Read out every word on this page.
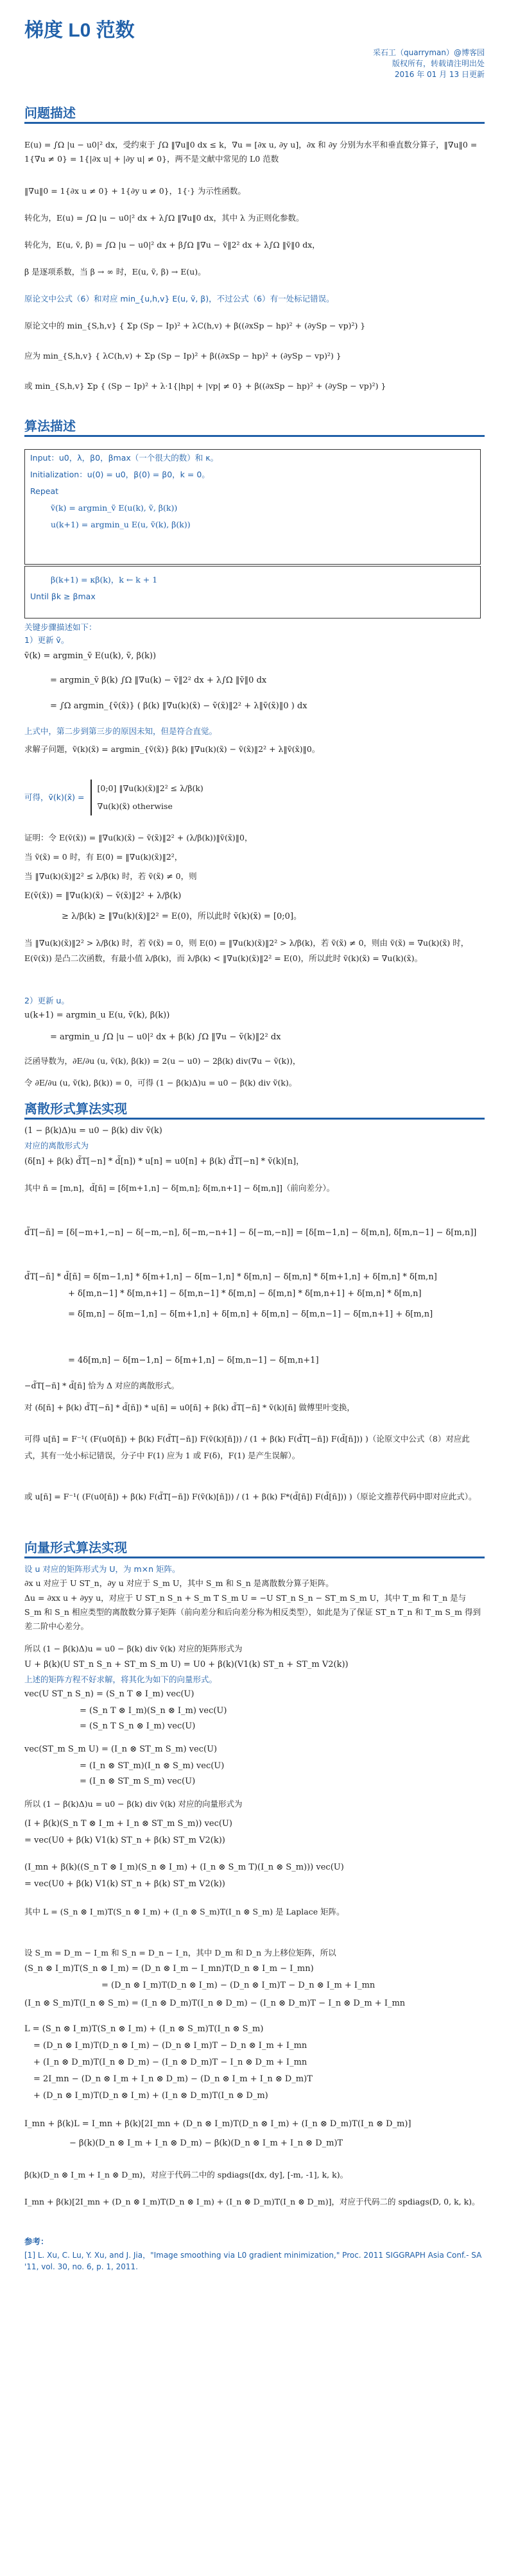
梯度 L0 范数
采石工（quarryman）@博客园
版权所有，转载请注明出处
2016 年 01 月 13 日更新
问题描述
E(u) = ∫Ω |u − u0|² dx，受约束于 ∫Ω ‖∇u‖0 dx ≤ k，∇u = [∂x u, ∂y u]，∂x 和 ∂y 分别为水平和垂直数分算子，‖∇u‖0 = 1{∇u ≠ 0} = 1{|∂x u| + |∂y u| ≠ 0}，两不是文献中常见的 L0 范数
‖∇u‖0 = 1{∂x u ≠ 0} + 1{∂y u ≠ 0}，1{·} 为示性函数。
转化为，E(u) = ∫Ω |u − u0|² dx + λ∫Ω ‖∇u‖0 dx，其中 λ 为正则化参数。
转化为，E(u, ṽ, β) = ∫Ω |u − u0|² dx + β∫Ω ‖∇u − ṽ‖2² dx + λ∫Ω ‖ṽ‖0 dx，
β 是逐项系数，当 β → ∞ 时，E(u, ṽ, β) → E(u)。
原论文中公式（6）和对应 min_{u,h,v} E(u, ṽ, β)，不过公式（6）有一处标记错误。
原论文中的 min_{S,h,v} { Σp (Sp − Ip)² + λC(h,v) + β((∂xSp − hp)² + (∂ySp − vp)²) }
应为 min_{S,h,v} { λC(h,v) + Σp (Sp − Ip)² + β((∂xSp − hp)² + (∂ySp − vp)²) }
或 min_{S,h,v} Σp { (Sp − Ip)² + λ·1{|hp| + |vp| ≠ 0} + β((∂xSp − hp)² + (∂ySp − vp)²) }
算法描述
Input：u0，λ，β0，βmax（一个很大的数）和 κ。
Initialization：u(0) = u0，β(0) = β0，k = 0。
Repeat
ṽ(k) = argmin_ṽ E(u(k), ṽ, β(k))
u(k+1) = argmin_u E(u, ṽ(k), β(k))
β(k+1) = κβ(k)，k ← k + 1
Until βk ≥ βmax
关键步骤描述如下：
1）更新 ṽ。
ṽ(k) = argmin_ṽ E(u(k), ṽ, β(k))
= argmin_ṽ β(k) ∫Ω ‖∇u(k) − ṽ‖2² dx + λ∫Ω ‖ṽ‖0 dx
= ∫Ω argmin_{ṽ(x̃)} ( β(k) ‖∇u(k)(x̃) − ṽ(x̃)‖2² + λ‖ṽ(x̃)‖0 ) dx
上式中，第二步到第三步的原因未知，但是符合直觉。
求解子问题，ṽ(k)(x̃) = argmin_{ṽ(x̃)} β(k) ‖∇u(k)(x̃) − ṽ(x̃)‖2² + λ‖ṽ(x̃)‖0。
可得，ṽ(k)(x̃) =
[0;0] ‖∇u(k)(x̃)‖2² ≤ λ/β(k)
∇u(k)(x̃) otherwise
证明：令 E(ṽ(x̃)) = ‖∇u(k)(x̃) − ṽ(x̃)‖2² + (λ/β(k))‖ṽ(x̃)‖0，
当 ṽ(x̃) = 0 时，有 E(0) = ‖∇u(k)(x̃)‖2²，
当 ‖∇u(k)(x̃)‖2² ≤ λ/β(k) 时，若 ṽ(x̃) ≠ 0，则
E(ṽ(x̃)) = ‖∇u(k)(x̃) − ṽ(x̃)‖2² + λ/β(k)
≥ λ/β(k) ≥ ‖∇u(k)(x̃)‖2² = E(0)，所以此时 ṽ(k)(x̃) = [0;0]。
当 ‖∇u(k)(x̃)‖2² > λ/β(k) 时，若 ṽ(x̃) = 0，则 E(0) = ‖∇u(k)(x̃)‖2² > λ/β(k)，若 ṽ(x̃) ≠ 0，则由 ṽ(x̃) = ∇u(k)(x̃) 时，E(ṽ(x̃)) 是凸二次函数，有最小值 λ/β(k)，而 λ/β(k) < ‖∇u(k)(x̃)‖2² = E(0)，所以此时 ṽ(k)(x̃) = ∇u(k)(x̃)。
2）更新 u。
u(k+1) = argmin_u E(u, ṽ(k), β(k))
= argmin_u ∫Ω |u − u0|² dx + β(k) ∫Ω ‖∇u − ṽ(k)‖2² dx
泛函导数为，∂E/∂u (u, ṽ(k), β(k)) = 2(u − u0) − 2β(k) div(∇u − ṽ(k))，
令 ∂E/∂u (u, ṽ(k), β(k)) = 0，可得 (1 − β(k)Δ)u = u0 − β(k) div ṽ(k)。
离散形式算法实现
(1 − β(k)Δ)u = u0 − β(k) div ṽ(k)
对应的离散形式为
(δ[n] + β(k) d̃T[−n] * d̃[n]) * u[n] = u0[n] + β(k) d̃T[−n] * ṽ(k)[n]，
其中 ñ = [m,n]，d̃[ñ] = [δ[m+1,n] − δ[m,n]; δ[m,n+1] − δ[m,n]]（前向差分）。
d̃T[−ñ] = [δ[−m+1,−n] − δ[−m,−n], δ[−m,−n+1] − δ[−m,−n]] = [δ[m−1,n] − δ[m,n], δ[m,n−1] − δ[m,n]]
d̃T[−ñ] * d̃[ñ] = δ[m−1,n] * δ[m+1,n] − δ[m−1,n] * δ[m,n] − δ[m,n] * δ[m+1,n] + δ[m,n] * δ[m,n]
+ δ[m,n−1] * δ[m,n+1] − δ[m,n−1] * δ[m,n] − δ[m,n] * δ[m,n+1] + δ[m,n] * δ[m,n]
= δ[m,n] − δ[m−1,n] − δ[m+1,n] + δ[m,n] + δ[m,n] − δ[m,n−1] − δ[m,n+1] + δ[m,n]
= 4δ[m,n] − δ[m−1,n] − δ[m+1,n] − δ[m,n−1] − δ[m,n+1]
−d̃T[−ñ] * d̃[ñ] 恰为 Δ 对应的离散形式。
对 (δ[ñ] + β(k) d̃T[−ñ] * d̃[ñ]) * u[ñ] = u0[ñ] + β(k) d̃T[−ñ] * ṽ(k)[ñ] 做傅里叶变换，
可得 u[ñ] = F⁻¹( (F(u0[ñ]) + β(k) F(d̃T[−ñ]) F(ṽ(k)[ñ])) / (1 + β(k) F(d̃T[−ñ]) F(d̃[ñ])) )（论原文中公式（8）对应此式，其有一处小标记错误，分子中 F(1) 应为 1 或 F(δ)，F(1) 是产生误解）。
或 u[ñ] = F⁻¹( (F(u0[ñ]) + β(k) F(d̃T[−ñ]) F(ṽ(k)[ñ])) / (1 + β(k) F*(d̃[ñ]) F(d̃[ñ])) )（原论文推荐代码中即对应此式）。
向量形式算法实现
设 u 对应的矩阵形式为 U，为 m×n 矩阵。
∂x u 对应于 U ST_n，∂y u 对应于 S_m U，其中 S_m 和 S_n 是离散数分算子矩阵。
Δu = ∂xx u + ∂yy u，对应于 U ST_n S_n + S_m T S_m U = −U ST_n S_n − ST_m S_m U，其中 T_m 和 T_n 是与 S_m 和 S_n 相应类型的离散数分算子矩阵（前向差分和后向差分称为相反类型），如此是为了保证 ST_n T_n 和 T_m S_m 得到差二阶中心差分。
所以 (1 − β(k)Δ)u = u0 − β(k) div ṽ(k) 对应的矩阵形式为
U + β(k)(U ST_n S_n + ST_m S_m U) = U0 + β(k)(V1(k) ST_n + ST_m V2(k))
上述的矩阵方程不好求解，将其化为如下的向量形式。
vec(U ST_n S_n) = (S_n T ⊗ I_m) vec(U)
= (S_n T ⊗ I_m)(S_n ⊗ I_m) vec(U)
= (S_n T S_n ⊗ I_m) vec(U)
vec(ST_m S_m U) = (I_n ⊗ ST_m S_m) vec(U)
= (I_n ⊗ ST_m)(I_n ⊗ S_m) vec(U)
= (I_n ⊗ ST_m S_m) vec(U)
所以 (1 − β(k)Δ)u = u0 − β(k) div ṽ(k) 对应的向量形式为
(I + β(k)(S_n T ⊗ I_m + I_n ⊗ ST_m S_m)) vec(U)
= vec(U0 + β(k) V1(k) ST_n + β(k) ST_m V2(k))
(I_mn + β(k)((S_n T ⊗ I_m)(S_n ⊗ I_m) + (I_n ⊗ S_m T)(I_n ⊗ S_m))) vec(U)
= vec(U0 + β(k) V1(k) ST_n + β(k) ST_m V2(k))
其中 L = (S_n ⊗ I_m)T(S_n ⊗ I_m) + (I_n ⊗ S_m)T(I_n ⊗ S_m) 是 Laplace 矩阵。
设 S_m = D_m − I_m 和 S_n = D_n − I_n，其中 D_m 和 D_n 为上移位矩阵，所以
(S_n ⊗ I_m)T(S_n ⊗ I_m) = (D_n ⊗ I_m − I_mn)T(D_n ⊗ I_m − I_mn)
= (D_n ⊗ I_m)T(D_n ⊗ I_m) − (D_n ⊗ I_m)T − D_n ⊗ I_m + I_mn
(I_n ⊗ S_m)T(I_n ⊗ S_m) = (I_n ⊗ D_m)T(I_n ⊗ D_m) − (I_n ⊗ D_m)T − I_n ⊗ D_m + I_mn
L = (S_n ⊗ I_m)T(S_n ⊗ I_m) + (I_n ⊗ S_m)T(I_n ⊗ S_m)
= (D_n ⊗ I_m)T(D_n ⊗ I_m) − (D_n ⊗ I_m)T − D_n ⊗ I_m + I_mn
+ (I_n ⊗ D_m)T(I_n ⊗ D_m) − (I_n ⊗ D_m)T − I_n ⊗ D_m + I_mn
= 2I_mn − (D_n ⊗ I_m + I_n ⊗ D_m) − (D_n ⊗ I_m + I_n ⊗ D_m)T
+ (D_n ⊗ I_m)T(D_n ⊗ I_m) + (I_n ⊗ D_m)T(I_n ⊗ D_m)
I_mn + β(k)L = I_mn + β(k)[2I_mn + (D_n ⊗ I_m)T(D_n ⊗ I_m) + (I_n ⊗ D_m)T(I_n ⊗ D_m)]
− β(k)(D_n ⊗ I_m + I_n ⊗ D_m) − β(k)(D_n ⊗ I_m + I_n ⊗ D_m)T
β(k)(D_n ⊗ I_m + I_n ⊗ D_m)，对应于代码二中的 spdiags([dx, dy], [-m, -1], k, k)。
I_mn + β(k)[2I_mn + (D_n ⊗ I_m)T(D_n ⊗ I_m) + (I_n ⊗ D_m)T(I_n ⊗ D_m)]，对应于代码二的 spdiags(D, 0, k, k)。
参考：
[1] L. Xu, C. Lu, Y. Xu, and J. Jia，"Image smoothing via L0 gradient minimization," Proc. 2011 SIGGRAPH Asia Conf.- SA '11, vol. 30, no. 6, p. 1, 2011.
